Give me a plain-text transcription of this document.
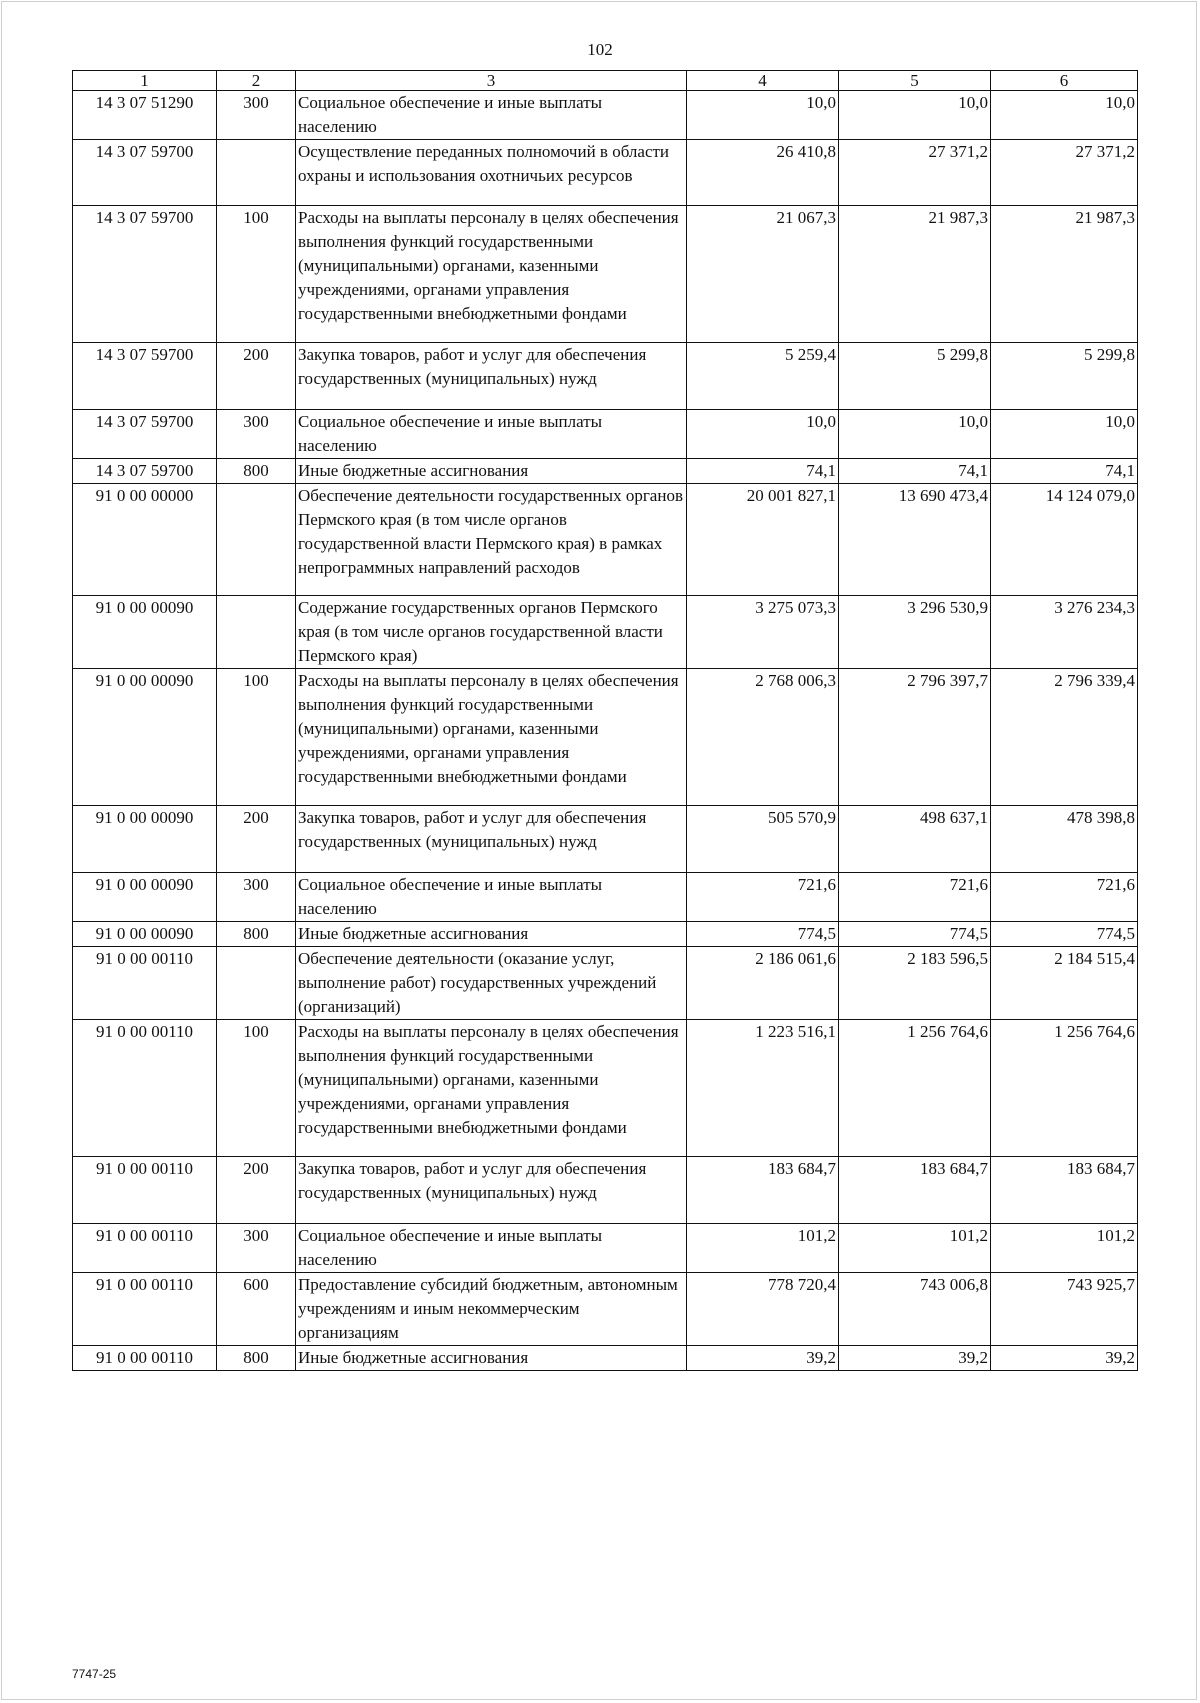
102
1	2	3	4	5	6
14 3 07 51290	300	Социальное обеспечение и иные выплаты населению	10,0	10,0	10,0
14 3 07 59700		Осуществление переданных полномочий в области охраны и использования охотничьих ресурсов	26 410,8	27 371,2	27 371,2
14 3 07 59700	100	Расходы на выплаты персоналу в целях обеспечения выполнения функций государственными (муниципальными) органами, казенными учреждениями, органами управления государственными внебюджетными фондами	21 067,3	21 987,3	21 987,3
14 3 07 59700	200	Закупка товаров, работ и услуг для обеспечения государственных (муниципальных) нужд	5 259,4	5 299,8	5 299,8
14 3 07 59700	300	Социальное обеспечение и иные выплаты населению	10,0	10,0	10,0
14 3 07 59700	800	Иные бюджетные ассигнования	74,1	74,1	74,1
91 0 00 00000		Обеспечение деятельности государственных органов Пермского края (в том числе органов государственной власти Пермского края) в рамках непрограммных направлений расходов	20 001 827,1	13 690 473,4	14 124 079,0
91 0 00 00090		Содержание государственных органов Пермского края (в том числе органов государственной власти Пермского края)	3 275 073,3	3 296 530,9	3 276 234,3
91 0 00 00090	100	Расходы на выплаты персоналу в целях обеспечения выполнения функций государственными (муниципальными) органами, казенными учреждениями, органами управления государственными внебюджетными фондами	2 768 006,3	2 796 397,7	2 796 339,4
91 0 00 00090	200	Закупка товаров, работ и услуг для обеспечения государственных (муниципальных) нужд	505 570,9	498 637,1	478 398,8
91 0 00 00090	300	Социальное обеспечение и иные выплаты населению	721,6	721,6	721,6
91 0 00 00090	800	Иные бюджетные ассигнования	774,5	774,5	774,5
91 0 00 00110		Обеспечение деятельности (оказание услуг, выполнение работ) государственных учреждений (организаций)	2 186 061,6	2 183 596,5	2 184 515,4
91 0 00 00110	100	Расходы на выплаты персоналу в целях обеспечения выполнения функций государственными (муниципальными) органами, казенными учреждениями, органами управления государственными внебюджетными фондами	1 223 516,1	1 256 764,6	1 256 764,6
91 0 00 00110	200	Закупка товаров, работ и услуг для обеспечения государственных (муниципальных) нужд	183 684,7	183 684,7	183 684,7
91 0 00 00110	300	Социальное обеспечение и иные выплаты населению	101,2	101,2	101,2
91 0 00 00110	600	Предоставление субсидий бюджетным, автономным учреждениям и иным некоммерческим организациям	778 720,4	743 006,8	743 925,7
91 0 00 00110	800	Иные бюджетные ассигнования	39,2	39,2	39,2
7747-25
